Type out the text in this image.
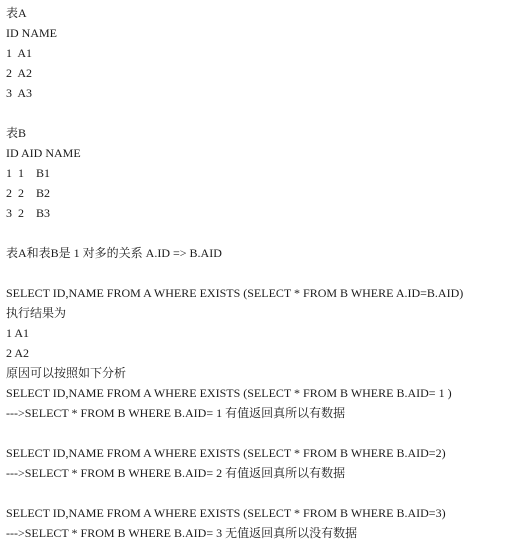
表A
ID NAME
1  A1
2  A2
3  A3
表B
ID AID NAME
1  1    B1
2  2    B2
3  2    B3
表A和表B是 1 对多的关系 A.ID => B.AID
SELECT ID,NAME FROM A WHERE EXISTS (SELECT * FROM B WHERE A.ID=B.AID)
执行结果为
1 A1
2 A2
原因可以按照如下分析
SELECT ID,NAME FROM A WHERE EXISTS (SELECT * FROM B WHERE B.AID= 1 )
--->SELECT * FROM B WHERE B.AID= 1 有值返回真所以有数据
SELECT ID,NAME FROM A WHERE EXISTS (SELECT * FROM B WHERE B.AID=2)
--->SELECT * FROM B WHERE B.AID= 2 有值返回真所以有数据
SELECT ID,NAME FROM A WHERE EXISTS (SELECT * FROM B WHERE B.AID=3)
--->SELECT * FROM B WHERE B.AID= 3 无值返回真所以没有数据
